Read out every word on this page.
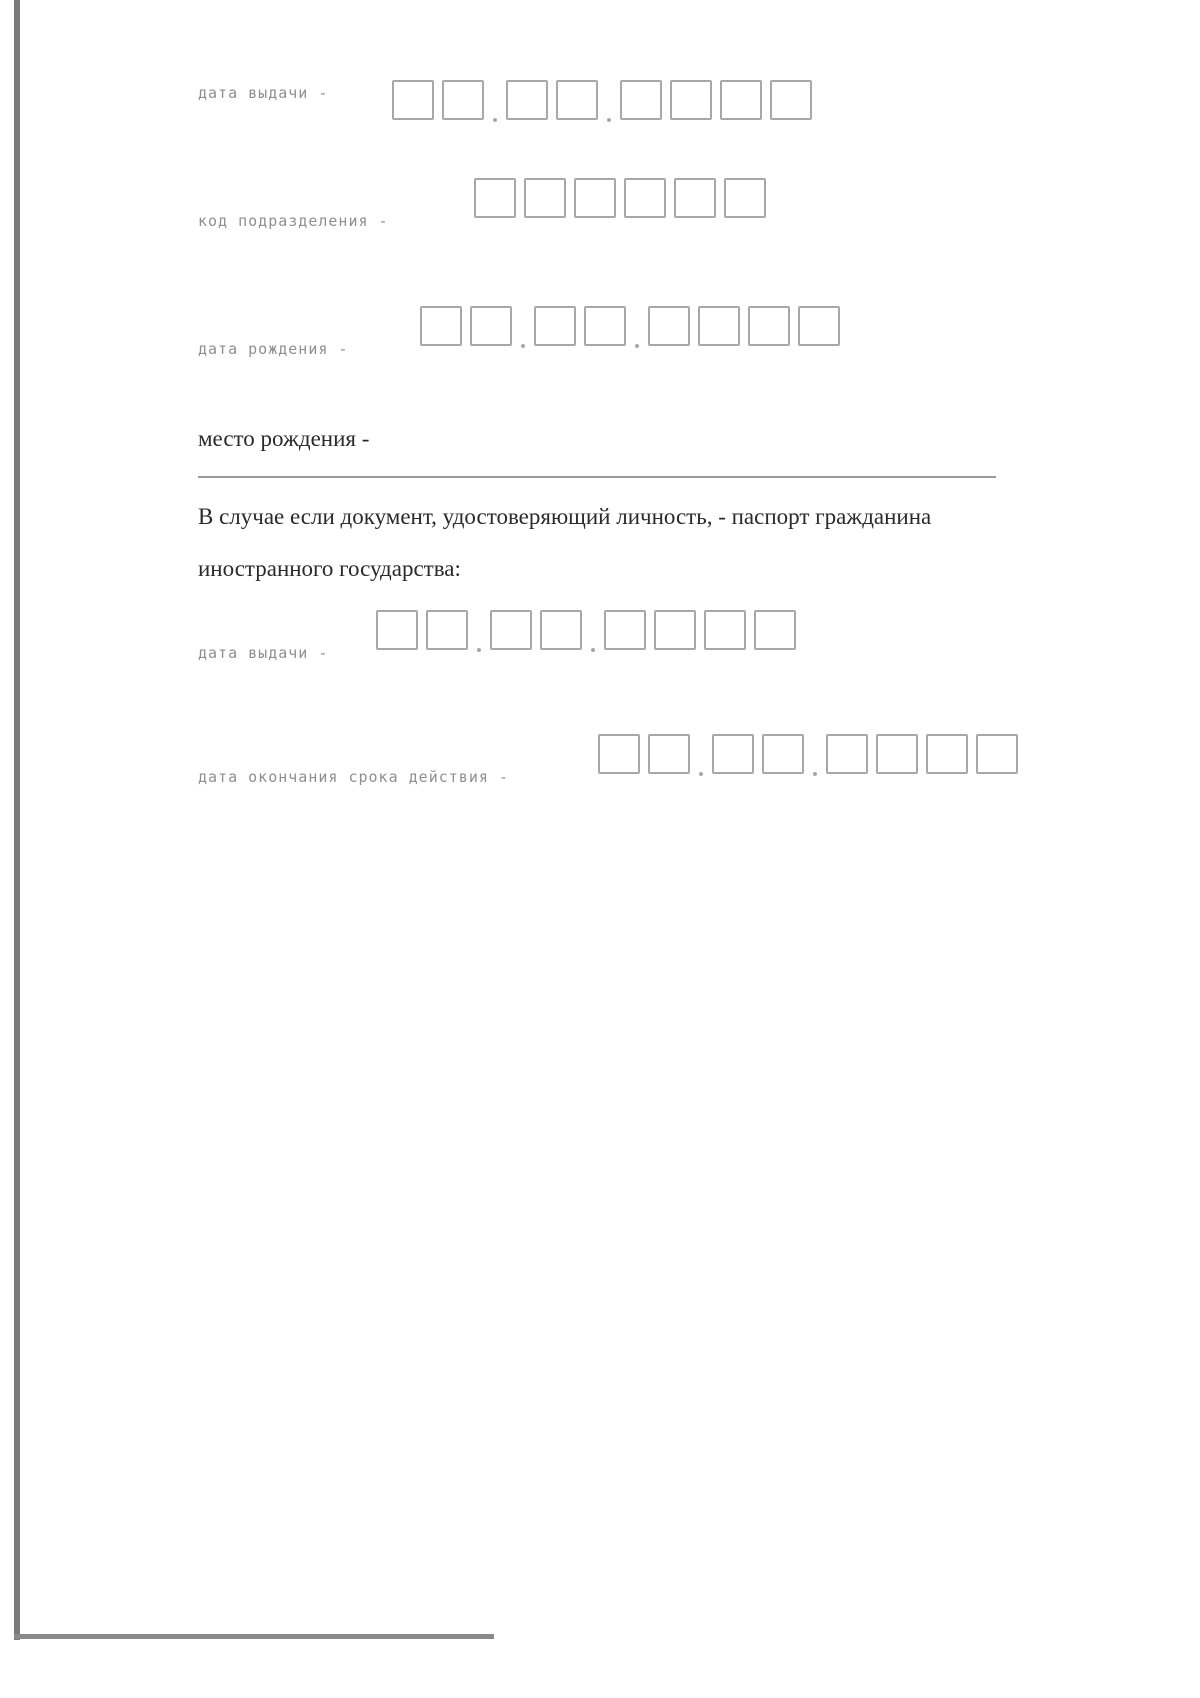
дата выдачи -
код подразделения -
дата рождения -
место рождения -
В случае если документ, удостоверяющий личность, - паспорт гражданина
иностранного государства:
дата выдачи -
дата окончания срока действия -
